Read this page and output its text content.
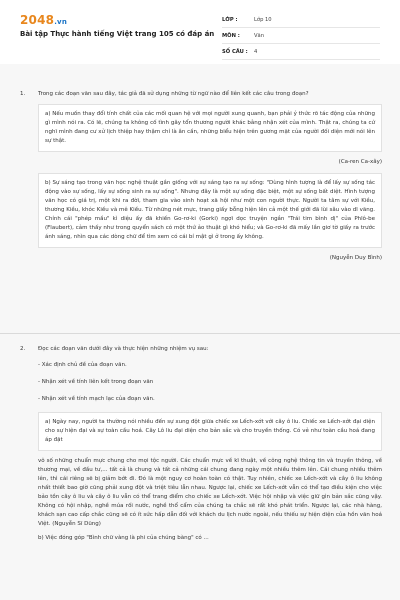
2048.vn
Bài tập Thực hành tiếng Việt trang 105 có đáp án
LỚP :	Lớp 10
MÔN :	Văn
SỐ CÂU :	4
1.	Trong các đoạn văn sau đây, tác giả đã sử dụng những từ ngữ nào để liên kết các câu trong đoạn?

a) Nếu muốn thay đổi tính chất của các mối quan hệ với mọi người xung quanh, bạn phải ý thức rõ tác động của những gì mình nói ra. Có lẽ, chúng ta không cố tình gây tổn thương người khác bằng nhận xét của mình. Thật ra, chúng ta cứ nghĩ mình đang cư xử lịch thiệp hay thậm chí là ân cần, những biểu hiện trên gương mặt của người đối diện mới nói lên sự thật.

(Ca-ren Ca-xây)

b) Sự sáng tạo trong văn học nghệ thuật gần giống với sự sáng tạo ra sự sống: "Dùng hình tượng là để lấy sự sống tác động vào sự sống, lấy sự sống sinh ra sự sống". Nhưng đây là một sự sống đặc biệt, một sự sống bất diệt. Hình tượng văn học có giá trị, một khi ra đời, tham gia vào sinh hoạt xã hội như một con người thực. Người ta tâm sự với Kiều, thương Kiều, khóc Kiều và mê Kiều. Từ những nét mực, trang giấy bỗng hiện lên cả một thế giới đã lùi sâu vào dĩ vãng. Chính cái "phép mầu" kì diệu ấy đã khiến Go-rơ-ki (Gorki) ngợi dọc truyện ngắn "Trái tim bình dị" của Phlô-be (Flaubert), cảm thấy như trong quyển sách có một thứ ảo thuật gì khó hiểu; và Go-rơ-ki đã mấy lần giơ tờ giấy ra trước ánh sáng, nhìn qua các dòng chữ để tìm xem có cái bí mật gì ở trong ấy không.

(Nguyễn Duy Bình)

2.	Đọc các đoạn văn dưới đây và thực hiện những nhiệm vụ sau:

- Xác định chủ đề của đoạn văn.

- Nhận xét về tính liên kết trong đoạn văn

- Nhận xét về tính mạch lạc của đoạn văn.

a) Ngày nay, người ta thường nói nhiều đến sự xung đột giữa chiếc xe Lếch-xớt với cây ô liu. Chiếc xe Lếch-xớt đại diện cho sự hiện đại và sự toàn cầu hoá. Cây Lô liu đại diện cho bản sắc và cho truyền thống. Có vẻ như toàn cầu hoá đang áp đặt

vô số những chuẩn mực chung cho mọi tộc người. Các chuẩn mực về kĩ thuật, về công nghệ thông tin và truyền thông, về thương mại, về đầu tư,... tất cả là chung và tất cả những cái chung đang ngày một nhiều thêm lên. Cái chung nhiều thêm lên, thì cái riêng sẽ bị giảm bớt đi. Đó là một nguy cơ hoàn toàn có thật. Tuy nhiên, chiếc xe Lếch-xớt và cây ô liu không nhất thiết bao giờ cũng phải xung đột và triệt tiêu lẫn nhau. Ngược lại, chiếc xe Lếch-xớt vẫn có thể tạo điều kiện cho việc bảo tồn cây ô liu và cây ô liu vẫn có thể trang điểm cho chiếc xe Lếch-xớt. Việc hội nhập và việc giữ gìn bản sắc cũng vậy. Không có hội nhập, nghề múa rối nước, nghề thổ cẩm của chúng ta chắc sẽ rất khó phát triển. Ngược lại, các nhà hàng, khách sạn cao cấp chắc cũng sẽ có ít sức hấp dẫn đối với khách du lịch nước ngoài, nếu thiếu sự hiện diện của hồn văn hoá Việt. (Nguyễn Sĩ Dũng)

b) Việc đóng góp "Bình chữ vàng là phi của chúng bàng" có ...
